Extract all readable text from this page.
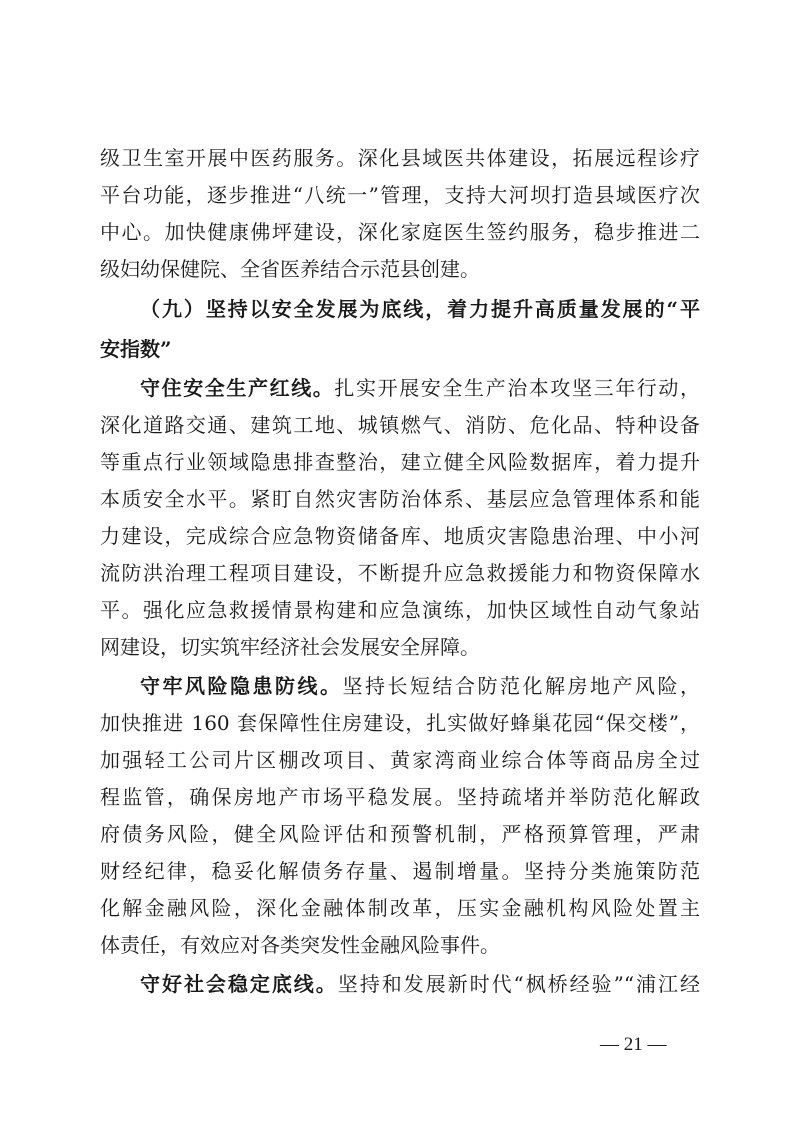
级卫生室开展中医药服务。深化县域医共体建设，拓展远程诊疗
平台功能，逐步推进“八统一”管理，支持大河坝打造县域医疗次
中心。加快健康佛坪建设，深化家庭医生签约服务，稳步推进二
级妇幼保健院、全省医养结合示范县创建。
（九）坚持以安全发展为底线，着力提升高质量发展的“平
安指数”
守住安全生产红线。扎实开展安全生产治本攻坚三年行动，
深化道路交通、建筑工地、城镇燃气、消防、危化品、特种设备
等重点行业领域隐患排查整治，建立健全风险数据库，着力提升
本质安全水平。紧盯自然灾害防治体系、基层应急管理体系和能
力建设，完成综合应急物资储备库、地质灾害隐患治理、中小河
流防洪治理工程项目建设，不断提升应急救援能力和物资保障水
平。强化应急救援情景构建和应急演练，加快区域性自动气象站
网建设，切实筑牢经济社会发展安全屏障。
守牢风险隐患防线。坚持长短结合防范化解房地产风险，
加快推进 160 套保障性住房建设，扎实做好蜂巢花园“保交楼”，
加强轻工公司片区棚改项目、黄家湾商业综合体等商品房全过
程监管，确保房地产市场平稳发展。坚持疏堵并举防范化解政
府债务风险，健全风险评估和预警机制，严格预算管理，严肃
财经纪律，稳妥化解债务存量、遏制增量。坚持分类施策防范
化解金融风险，深化金融体制改革，压实金融机构风险处置主
体责任，有效应对各类突发性金融风险事件。
守好社会稳定底线。坚持和发展新时代“枫桥经验”“浦江经
— 21 —
